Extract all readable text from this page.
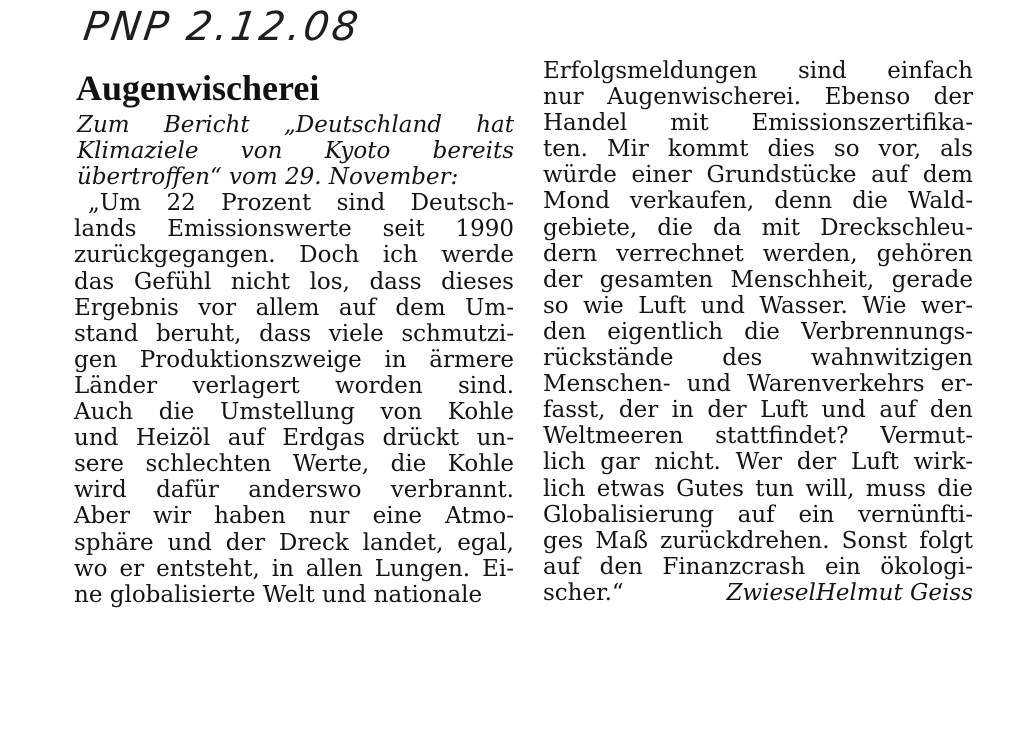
PNP 2.12.08
Augenwischerei
Zum Bericht „Deutschland hat
Klimaziele von Kyoto bereits
übertroffen“ vom 29. November:
„Um 22 Prozent sind Deutsch-
lands Emissionswerte seit 1990
zurückgegangen. Doch ich werde
das Gefühl nicht los, dass dieses
Ergebnis vor allem auf dem Um-
stand beruht, dass viele schmutzi-
gen Produktionszweige in ärmere
Länder verlagert worden sind.
Auch die Umstellung von Kohle
und Heizöl auf Erdgas drückt un-
sere schlechten Werte, die Kohle
wird dafür anderswo verbrannt.
Aber wir haben nur eine Atmo-
sphäre und der Dreck landet, egal,
wo er entsteht, in allen Lungen. Ei-
ne globalisierte Welt und nationale
Erfolgsmeldungen sind einfach
nur Augenwischerei. Ebenso der
Handel mit Emissionszertifika-
ten. Mir kommt dies so vor, als
würde einer Grundstücke auf dem
Mond verkaufen, denn die Wald-
gebiete, die da mit Dreckschleu-
dern verrechnet werden, gehören
der gesamten Menschheit, gerade
so wie Luft und Wasser. Wie wer-
den eigentlich die Verbrennungs-
rückstände des wahnwitzigen
Menschen- und Warenverkehrs er-
fasst, der in der Luft und auf den
Weltmeeren stattfindet? Vermut-
lich gar nicht. Wer der Luft wirk-
lich etwas Gutes tun will, muss die
Globalisierung auf ein vernünfti-
ges Maß zurückdrehen. Sonst folgt
auf den Finanzcrash ein ökologi-
scher.“	Helmut Geiss
Zwiesel
